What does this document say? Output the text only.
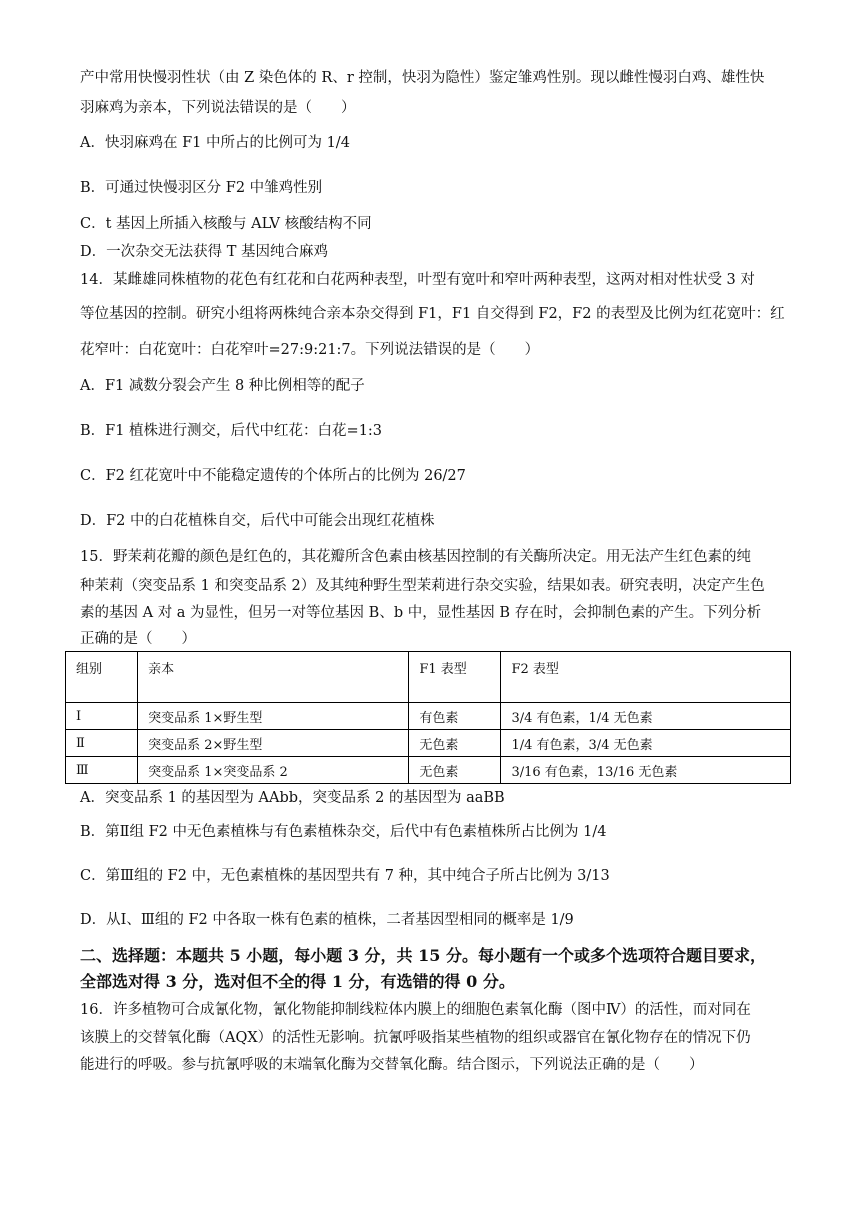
产中常用快慢羽性状（由 Z 染色体的 R、r 控制，快羽为隐性）鉴定雏鸡性别。现以雌性慢羽白鸡、雄性快
羽麻鸡为亲本，下列说法错误的是（　　）
A．快羽麻鸡在 F1 中所占的比例可为 1/4
B．可通过快慢羽区分 F2 中雏鸡性别
C．t 基因上所插入核酸与 ALV 核酸结构不同
D．一次杂交无法获得 T 基因纯合麻鸡
14．某雌雄同株植物的花色有红花和白花两种表型，叶型有宽叶和窄叶两种表型，这两对相对性状受 3 对
等位基因的控制。研究小组将两株纯合亲本杂交得到 F1，F1 自交得到 F2，F2 的表型及比例为红花宽叶：红
花窄叶：白花宽叶：白花窄叶=27:9:21:7。下列说法错误的是（　　）
A．F1 减数分裂会产生 8 种比例相等的配子
B．F1 植株进行测交，后代中红花：白花=1:3
C．F2 红花宽叶中不能稳定遗传的个体所占的比例为 26/27
D．F2 中的白花植株自交，后代中可能会出现红花植株
15．野茉莉花瓣的颜色是红色的，其花瓣所含色素由核基因控制的有关酶所决定。用无法产生红色素的纯
种茉莉（突变品系 1 和突变品系 2）及其纯种野生型茉莉进行杂交实验，结果如表。研究表明，决定产生色
素的基因 A 对 a 为显性，但另一对等位基因 B、b 中，显性基因 B 存在时，会抑制色素的产生。下列分析
正确的是（　　）
组别	亲本	F1 表型	F2 表型
Ⅰ	突变品系 1×野生型	有色素	3/4 有色素，1/4 无色素
Ⅱ	突变品系 2×野生型	无色素	1/4 有色素，3/4 无色素
Ⅲ	突变品系 1×突变品系 2	无色素	3/16 有色素，13/16 无色素
A．突变品系 1 的基因型为 AAbb，突变品系 2 的基因型为 aaBB
B．第Ⅱ组 F2 中无色素植株与有色素植株杂交，后代中有色素植株所占比例为 1/4
C．第Ⅲ组的 F2 中，无色素植株的基因型共有 7 种，其中纯合子所占比例为 3/13
D．从Ⅰ、Ⅲ组的 F2 中各取一株有色素的植株，二者基因型相同的概率是 1/9
二、选择题：本题共 5 小题，每小题 3 分，共 15 分。每小题有一个或多个选项符合题目要求，
全部选对得 3 分，选对但不全的得 1 分，有选错的得 0 分。
16．许多植物可合成氰化物，氰化物能抑制线粒体内膜上的细胞色素氧化酶（图中Ⅳ）的活性，而对同在
该膜上的交替氧化酶（AQX）的活性无影响。抗氰呼吸指某些植物的组织或器官在氰化物存在的情况下仍
能进行的呼吸。参与抗氰呼吸的末端氧化酶为交替氧化酶。结合图示，下列说法正确的是（　　）
